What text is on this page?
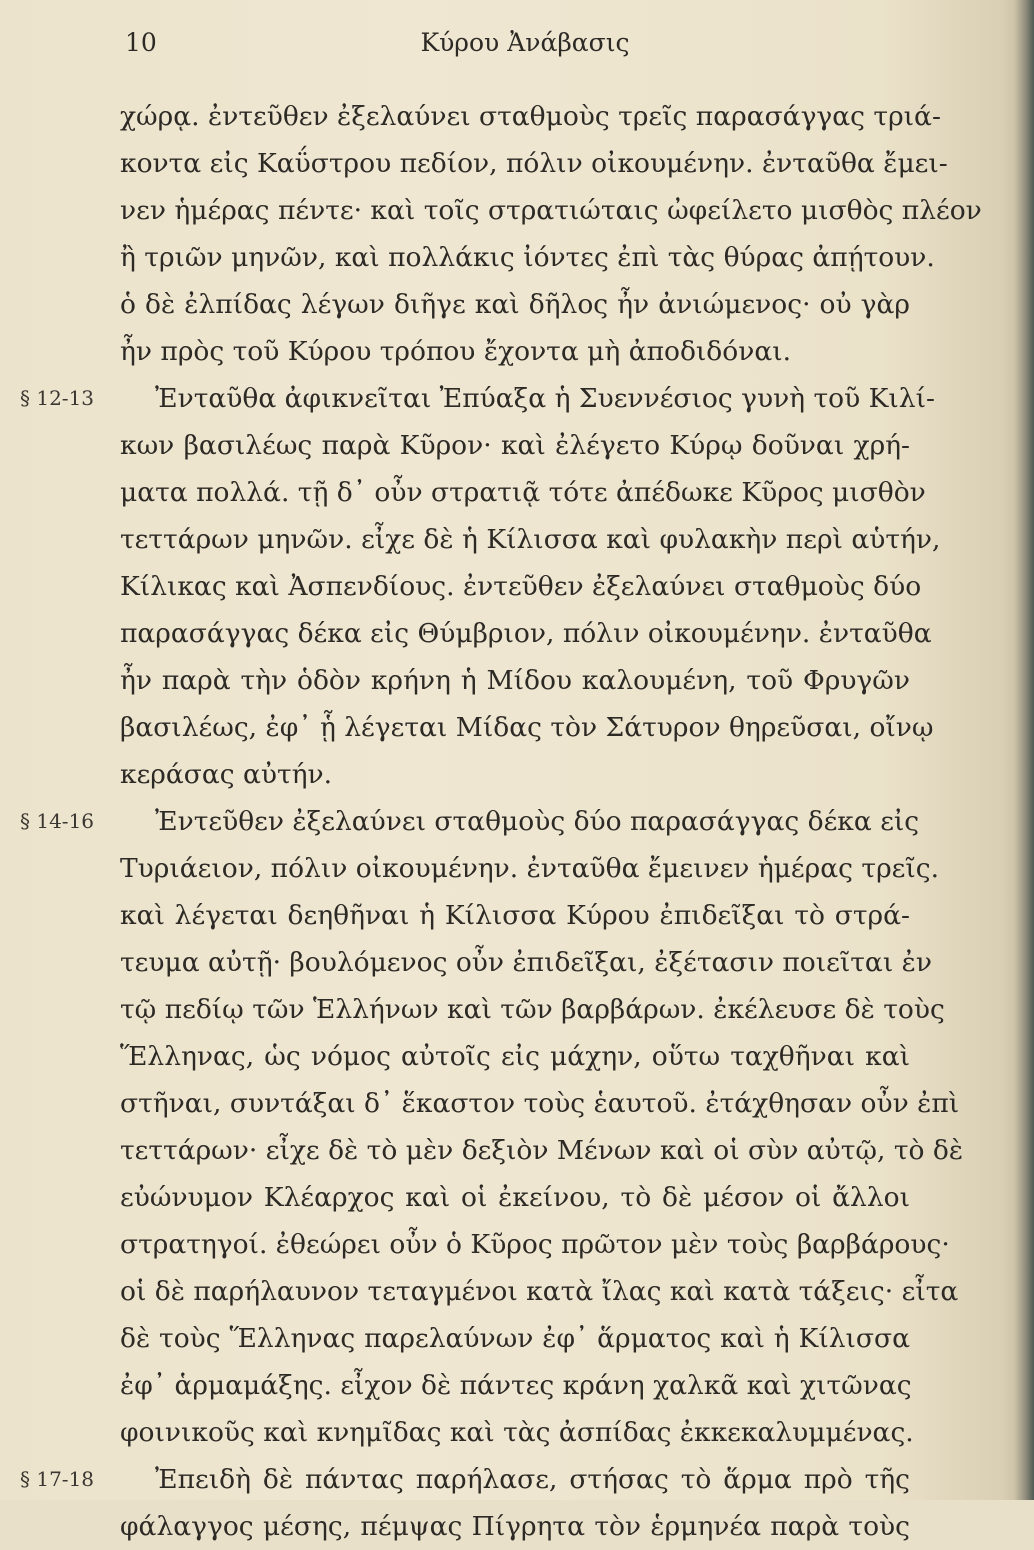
10	Κύρου Ἀνάβασις
χώρᾳ. ἐντεῦθεν ἐξελαύνει σταθμοὺς τρεῖς παρασάγγας τριά-
κοντα εἰς Καΰστρου πεδίον, πόλιν οἰκουμένην. ἐνταῦθα ἔμει-
νεν ἡμέρας πέντε· καὶ τοῖς στρατιώταις ὠφείλετο μισθὸς πλέον
ἢ τριῶν μηνῶν, καὶ πολλάκις ἰόντες ἐπὶ τὰς θύρας ἀπῄτουν.
ὁ δὲ ἐλπίδας λέγων διῆγε καὶ δῆλος ἦν ἀνιώμενος· οὐ γὰρ
ἦν πρὸς τοῦ Κύρου τρόπου ἔχοντα μὴ ἀποδιδόναι.
§ 12-13 Ἐνταῦθα ἀφικνεῖται Ἐπύαξα ἡ Συεννέσιος γυνὴ τοῦ Κιλί-
κων βασιλέως παρὰ Κῦρον· καὶ ἐλέγετο Κύρῳ δοῦναι χρή-
ματα πολλά. τῇ δ᾽ οὖν στρατιᾷ τότε ἀπέδωκε Κῦρος μισθὸν
τεττάρων μηνῶν. εἶχε δὲ ἡ Κίλισσα καὶ φυλακὴν περὶ αὑτήν,
Κίλικας καὶ Ἀσπενδίους. ἐντεῦθεν ἐξελαύνει σταθμοὺς δύο
παρασάγγας δέκα εἰς Θύμβριον, πόλιν οἰκουμένην. ἐνταῦθα
ἦν παρὰ τὴν ὁδὸν κρήνη ἡ Μίδου καλουμένη, τοῦ Φρυγῶν
βασιλέως, ἐφ᾽ ᾗ λέγεται Μίδας τὸν Σάτυρον θηρεῦσαι, οἴνῳ
κεράσας αὐτήν.
§ 14-16 Ἐντεῦθεν ἐξελαύνει σταθμοὺς δύο παρασάγγας δέκα εἰς
Τυριάειον, πόλιν οἰκουμένην. ἐνταῦθα ἔμεινεν ἡμέρας τρεῖς.
καὶ λέγεται δεηθῆναι ἡ Κίλισσα Κύρου ἐπιδεῖξαι τὸ στρά-
τευμα αὐτῇ· βουλόμενος οὖν ἐπιδεῖξαι, ἐξέτασιν ποιεῖται ἐν
τῷ πεδίῳ τῶν Ἑλλήνων καὶ τῶν βαρβάρων. ἐκέλευσε δὲ τοὺς
Ἕλληνας, ὡς νόμος αὐτοῖς εἰς μάχην, οὕτω ταχθῆναι καὶ
στῆναι, συντάξαι δ᾽ ἕκαστον τοὺς ἑαυτοῦ. ἐτάχθησαν οὖν ἐπὶ
τεττάρων· εἶχε δὲ τὸ μὲν δεξιὸν Μένων καὶ οἱ σὺν αὐτῷ, τὸ δὲ
εὐώνυμον Κλέαρχος καὶ οἱ ἐκείνου, τὸ δὲ μέσον οἱ ἄλλοι
στρατηγοί. ἐθεώρει οὖν ὁ Κῦρος πρῶτον μὲν τοὺς βαρβάρους·
οἱ δὲ παρήλαυνον τεταγμένοι κατὰ ἴλας καὶ κατὰ τάξεις· εἶτα
δὲ τοὺς Ἕλληνας παρελαύνων ἐφ᾽ ἅρματος καὶ ἡ Κίλισσα
ἐφ᾽ ἁρμαμάξης. εἶχον δὲ πάντες κράνη χαλκᾶ καὶ χιτῶνας
φοινικοῦς καὶ κνημῖδας καὶ τὰς ἀσπίδας ἐκκεκαλυμμένας.
§ 17-18 Ἐπειδὴ δὲ πάντας παρήλασε, στήσας τὸ ἅρμα πρὸ τῆς
φάλαγγος μέσης, πέμψας Πίγρητα τὸν ἑρμηνέα παρὰ τοὺς
